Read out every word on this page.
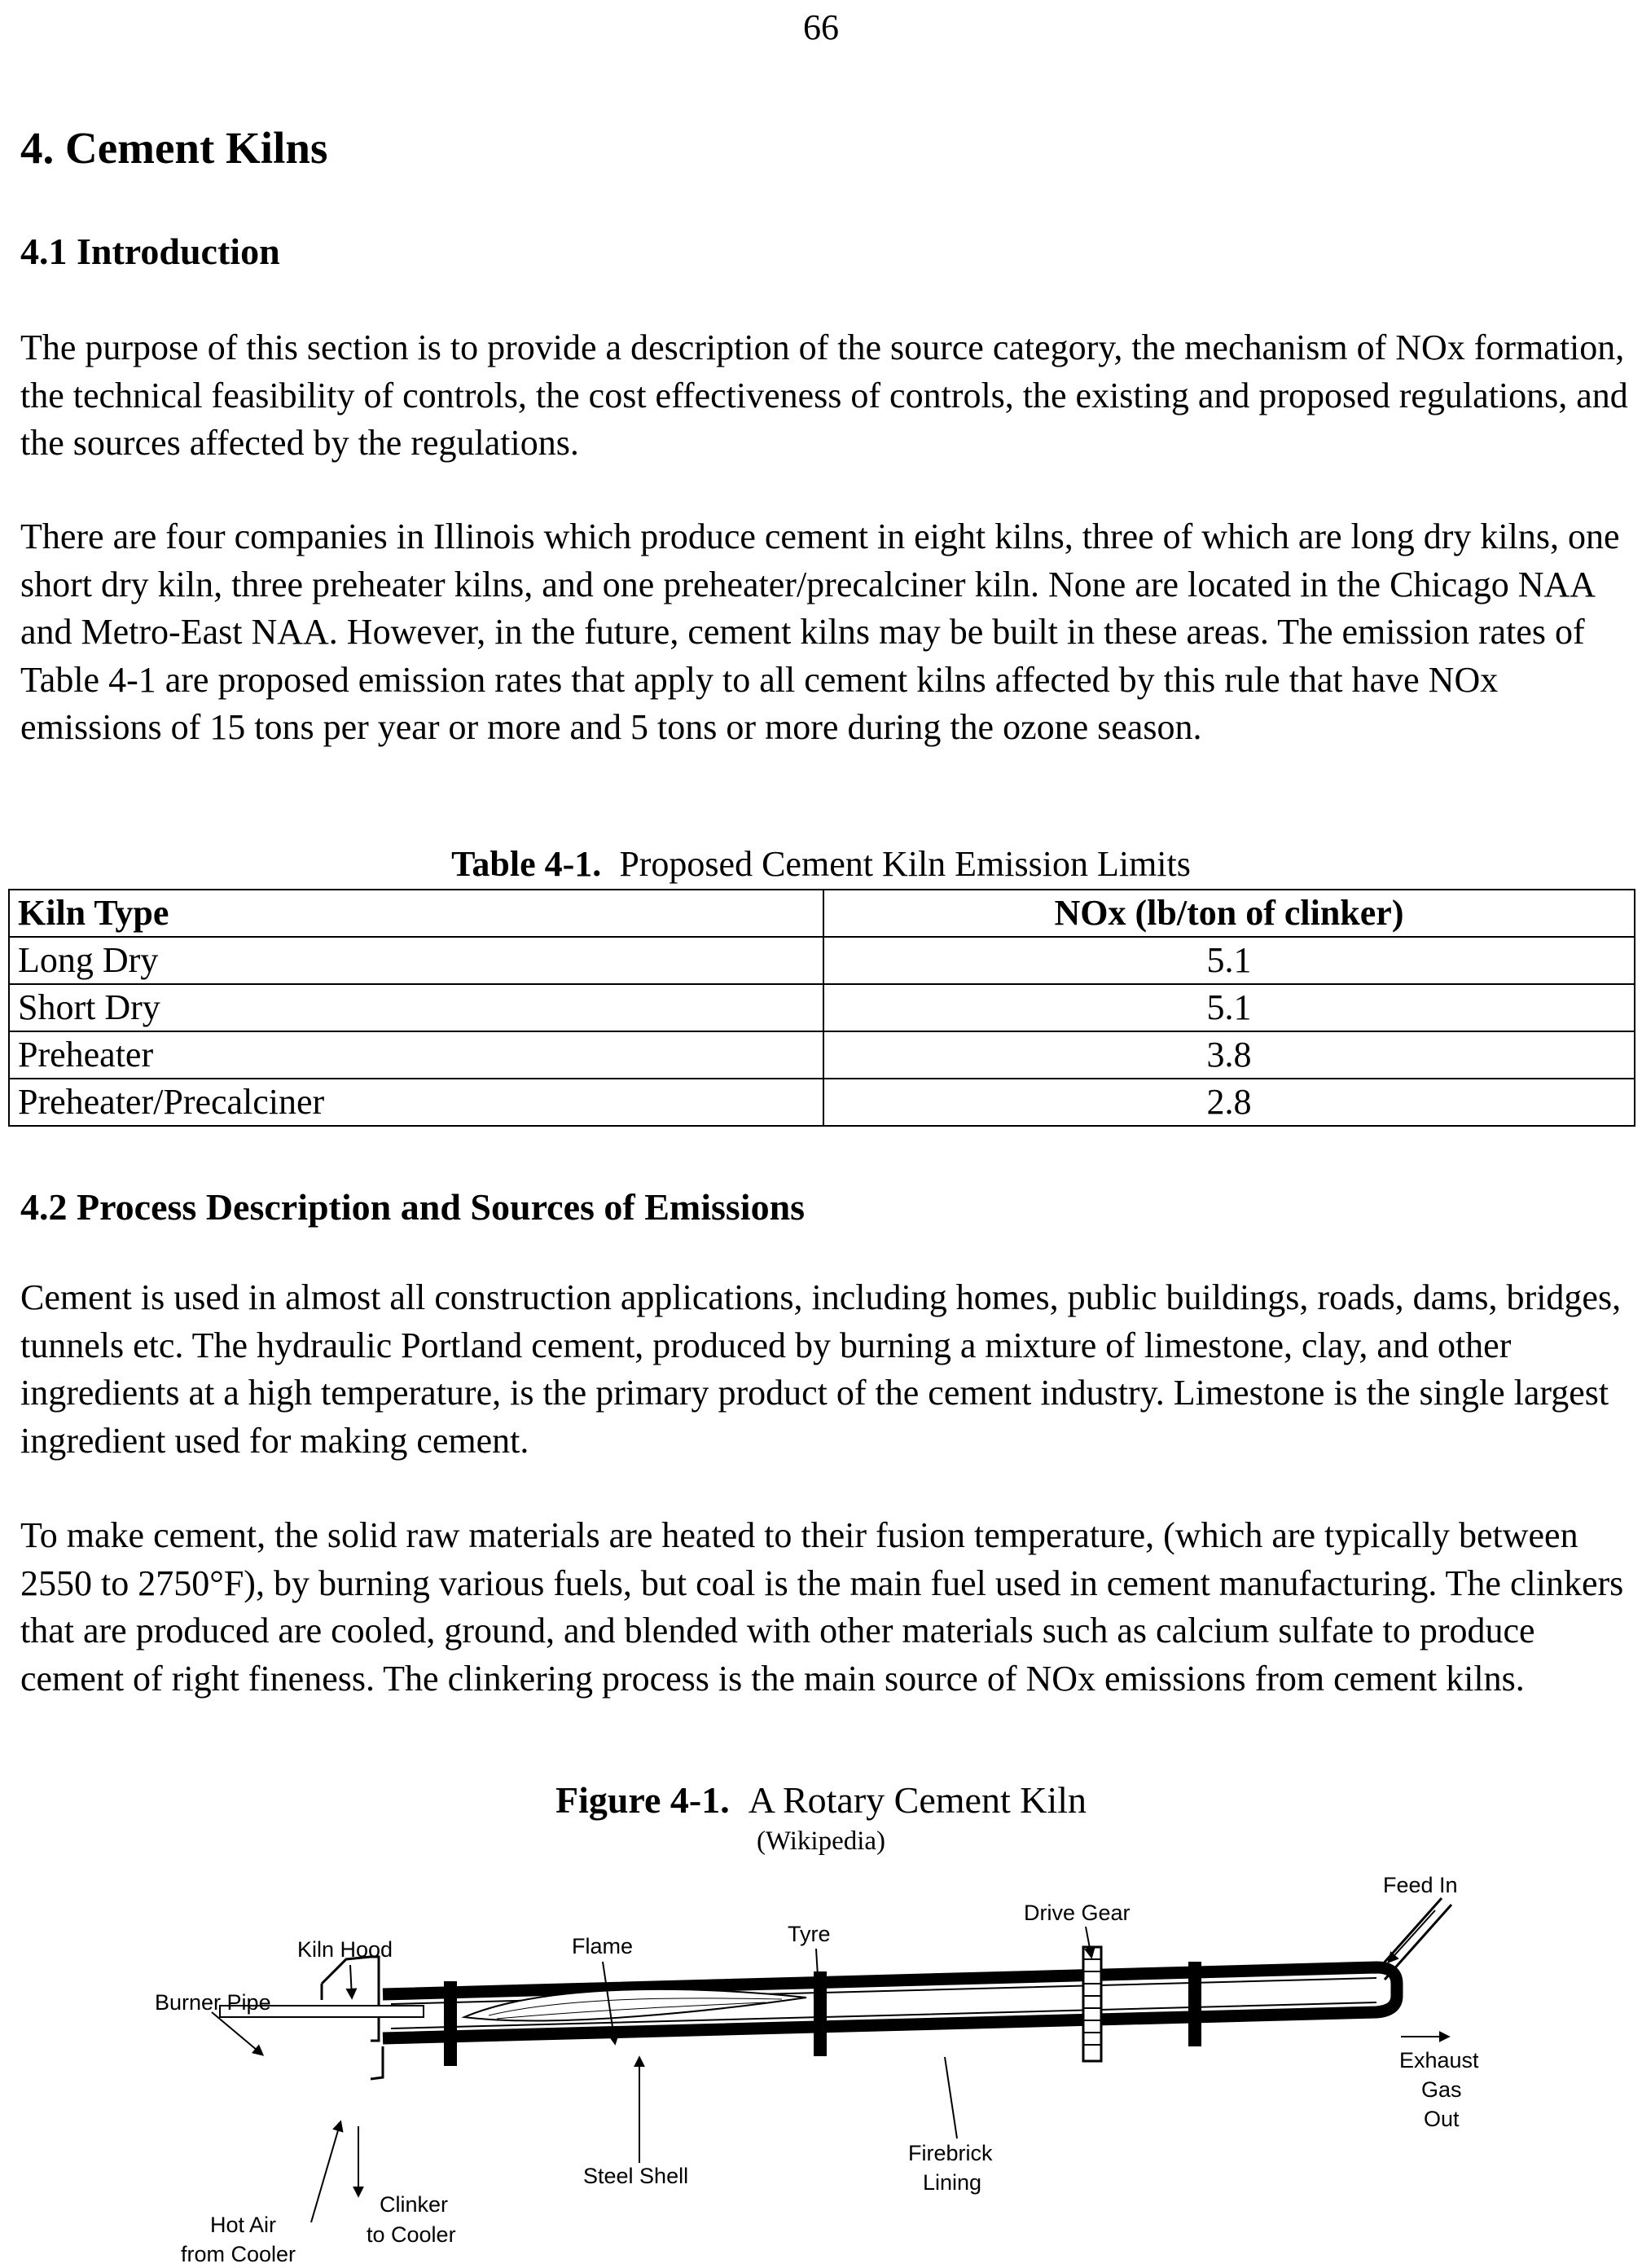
66
4. Cement Kilns
4.1 Introduction

The purpose of this section is to provide a description of the source category, the mechanism of NOx formation, the technical feasibility of controls, the cost effectiveness of controls, the existing and proposed regulations, and the sources affected by the regulations.

There are four companies in Illinois which produce cement in eight kilns, three of which are long dry kilns, one short dry kiln, three preheater kilns, and one preheater/precalciner kiln. None are located in the Chicago NAA and Metro-East NAA. However, in the future, cement kilns may be built in these areas. The emission rates of Table 4-1 are proposed emission rates that apply to all cement kilns affected by this rule that have NOx emissions of 15 tons per year or more and 5 tons or more during the ozone season.

Table 4-1. Proposed Cement Kiln Emission Limits
Kiln Type	NOx (lb/ton of clinker)
Long Dry	5.1
Short Dry	5.1
Preheater	3.8
Preheater/Precalciner	2.8
4.2 Process Description and Sources of Emissions

Cement is used in almost all construction applications, including homes, public buildings, roads, dams, bridges, tunnels etc. The hydraulic Portland cement, produced by burning a mixture of limestone, clay, and other ingredients at a high temperature, is the primary product of the cement industry. Limestone is the single largest ingredient used for making cement.

To make cement, the solid raw materials are heated to their fusion temperature, (which are typically between 2550 to 2750°F), by burning various fuels, but coal is the main fuel used in cement manufacturing. The clinkers that are produced are cooled, ground, and blended with other materials such as calcium sulfate to produce cement of right fineness. The clinkering process is the main source of NOx emissions from cement kilns.

Figure 4-1. A Rotary Cement Kiln
(Wikipedia)
Kiln Hood
Burner Pipe
Flame	Tyre
Drive Gear
Feed In
Exhaust
Gas
Out
Steel Shell
Firebrick
Lining
Clinker
to Cooler
Hot Air
from Cooler
